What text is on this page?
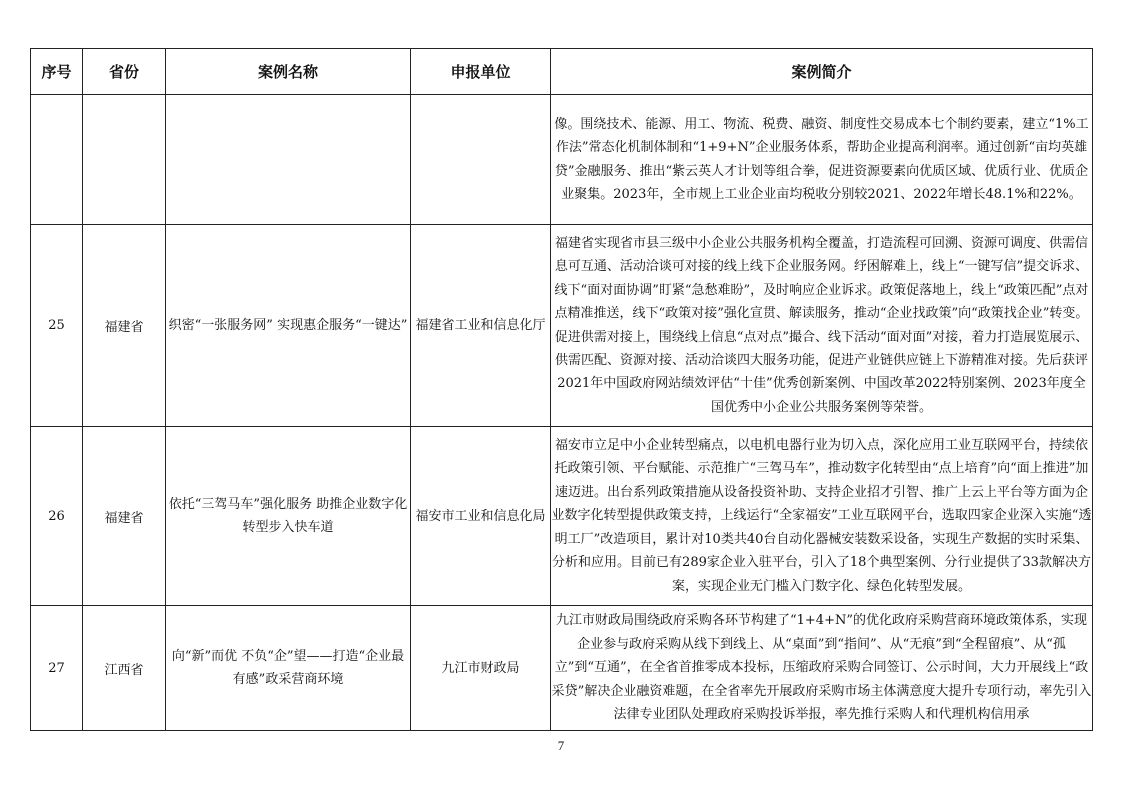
序号	省份	案例名称	申报单位	案例简介
				像。围绕技术、能源、用工、物流、税费、融资、制度性交易成本七个制约要素，建立“1%工作法”常态化机制体制和“1+9+N”企业服务体系，帮助企业提高利润率。通过创新“亩均英雄贷”金融服务、推出“紫云英人才计划等组合拳，促进资源要素向优质区域、优质行业、优质企业聚集。2023年，全市规上工业企业亩均税收分别较2021、2022年增长48.1%和22%。
25	福建省	织密“一张服务网” 实现惠企服务“一键达”	福建省工业和信息化厅	福建省实现省市县三级中小企业公共服务机构全覆盖，打造流程可回溯、资源可调度、供需信息可互通、活动洽谈可对接的线上线下企业服务网。纾困解难上，线上“一键写信”提交诉求、线下“面对面协调”盯紧“急愁难盼”，及时响应企业诉求。政策促落地上，线上“政策匹配”点对点精准推送，线下“政策对接”强化宣贯、解读服务，推动“企业找政策”向“政策找企业”转变。促进供需对接上，围绕线上信息“点对点”撮合、线下活动“面对面”对接，着力打造展览展示、供需匹配、资源对接、活动洽谈四大服务功能，促进产业链供应链上下游精准对接。先后获评2021年中国政府网站绩效评估“十佳”优秀创新案例、中国改革2022特别案例、2023年度全国优秀中小企业公共服务案例等荣誉。
26	福建省	依托“三驾马车”强化服务 助推企业数字化转型步入快车道	福安市工业和信息化局	福安市立足中小企业转型痛点，以电机电器行业为切入点，深化应用工业互联网平台，持续依托政策引领、平台赋能、示范推广“三驾马车”，推动数字化转型由“点上培育”向“面上推进”加速迈进。出台系列政策措施从设备投资补助、支持企业招才引智、推广上云上平台等方面为企业数字化转型提供政策支持，上线运行“全家福安”工业互联网平台，选取四家企业深入实施“透明工厂”改造项目，累计对10类共40台自动化器械安装数采设备，实现生产数据的实时采集、分析和应用。目前已有289家企业入驻平台，引入了18个典型案例、分行业提供了33款解决方案，实现企业无门槛入门数字化、绿色化转型发展。
27	江西省	向“新”而优 不负“企”望——打造“企业最有感”政采营商环境	九江市财政局	九江市财政局围绕政府采购各环节构建了“1+4+N”的优化政府采购营商环境政策体系，实现企业参与政府采购从线下到线上、从“桌面”到“指间”、从“无痕”到“全程留痕”、从“孤立”到“互通”，在全省首推零成本投标，压缩政府采购合同签订、公示时间，大力开展线上“政采贷”解决企业融资难题，在全省率先开展政府采购市场主体满意度大提升专项行动，率先引入法律专业团队处理政府采购投诉举报，率先推行采购人和代理机构信用承
7
